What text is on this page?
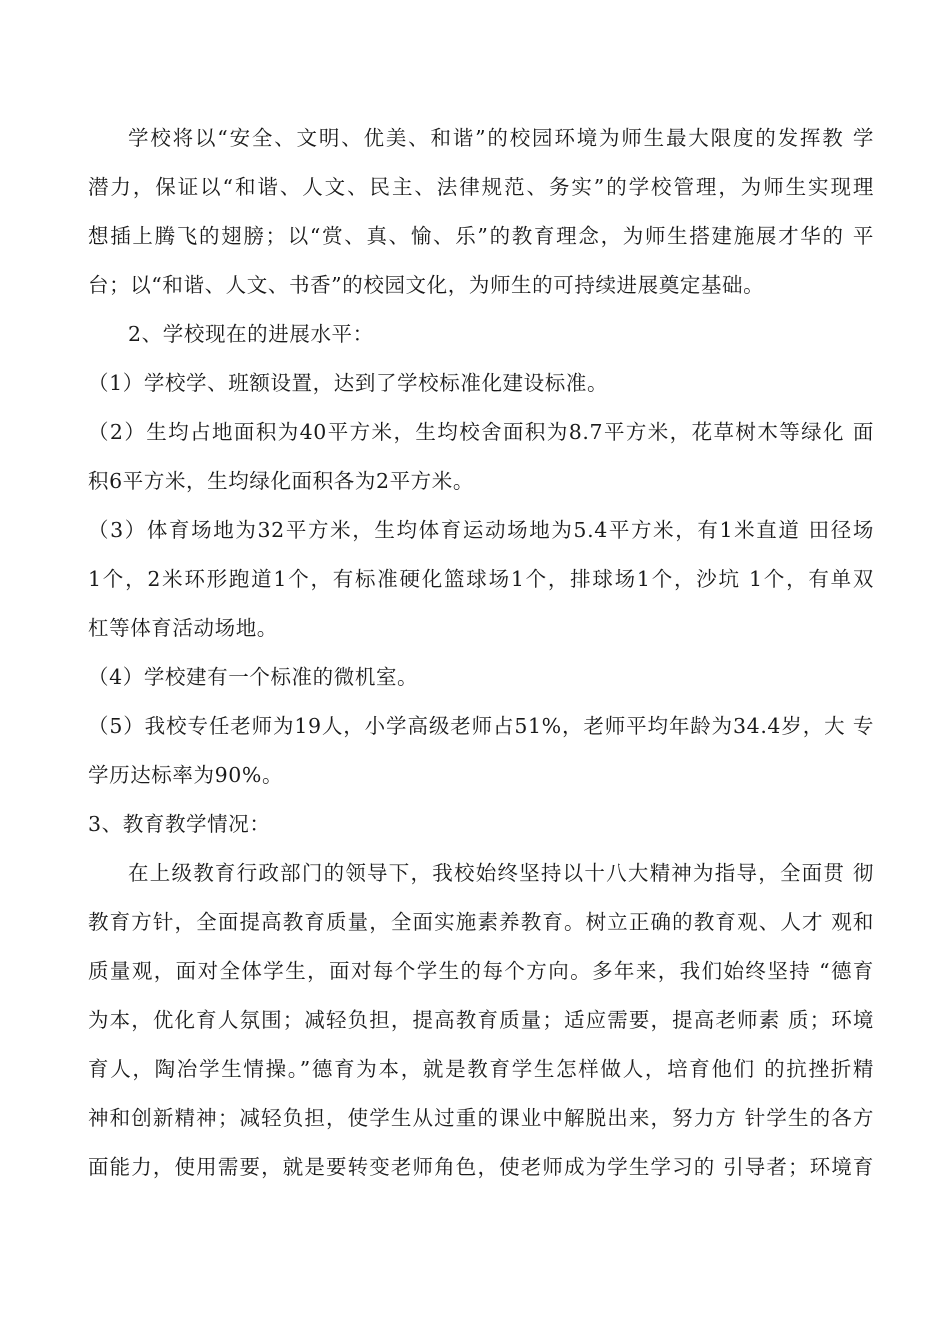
学校将以“安全、文明、优美、和谐”的校园环境为师生最大限度的发挥教 学
潜力，保证以“和谐、人文、民主、法律规范、务实”的学校管理，为师生实现理
想插上腾飞的翅膀；以“赏、真、愉、乐”的教育理念，为师生搭建施展才华的 平
台；以“和谐、人文、书香”的校园文化，为师生的可持续进展奠定基础。
2、学校现在的进展水平：
（1）学校学、班额设置，达到了学校标准化建设标准。
（2）生均占地面积为40平方米，生均校舍面积为8.7平方米，花草树木等绿化 面
积6平方米，生均绿化面积各为2平方米。
（3）体育场地为32平方米，生均体育运动场地为5.4平方米，有1米直道 田径场
1个，2米环形跑道1个，有标准硬化篮球场1个，排球场1个，沙坑 1个，有单双
杠等体育活动场地。
（4）学校建有一个标准的微机室。
（5）我校专任老师为19人，小学高级老师占51%，老师平均年龄为34.4岁，大 专
学历达标率为90%。
3、教育教学情况：
在上级教育行政部门的领导下，我校始终坚持以十八大精神为指导，全面贯 彻
教育方针，全面提高教育质量，全面实施素养教育。树立正确的教育观、人才 观和
质量观，面对全体学生，面对每个学生的每个方向。多年来，我们始终坚持 “德育
为本，优化育人氛围；减轻负担，提高教育质量；适应需要，提高老师素 质；环境
育人，陶冶学生情操。”德育为本，就是教育学生怎样做人，培育他们 的抗挫折精
神和创新精神；减轻负担，使学生从过重的课业中解脱出来，努力方 针学生的各方
面能力，使用需要，就是要转变老师角色，使老师成为学生学习的 引导者；环境育
